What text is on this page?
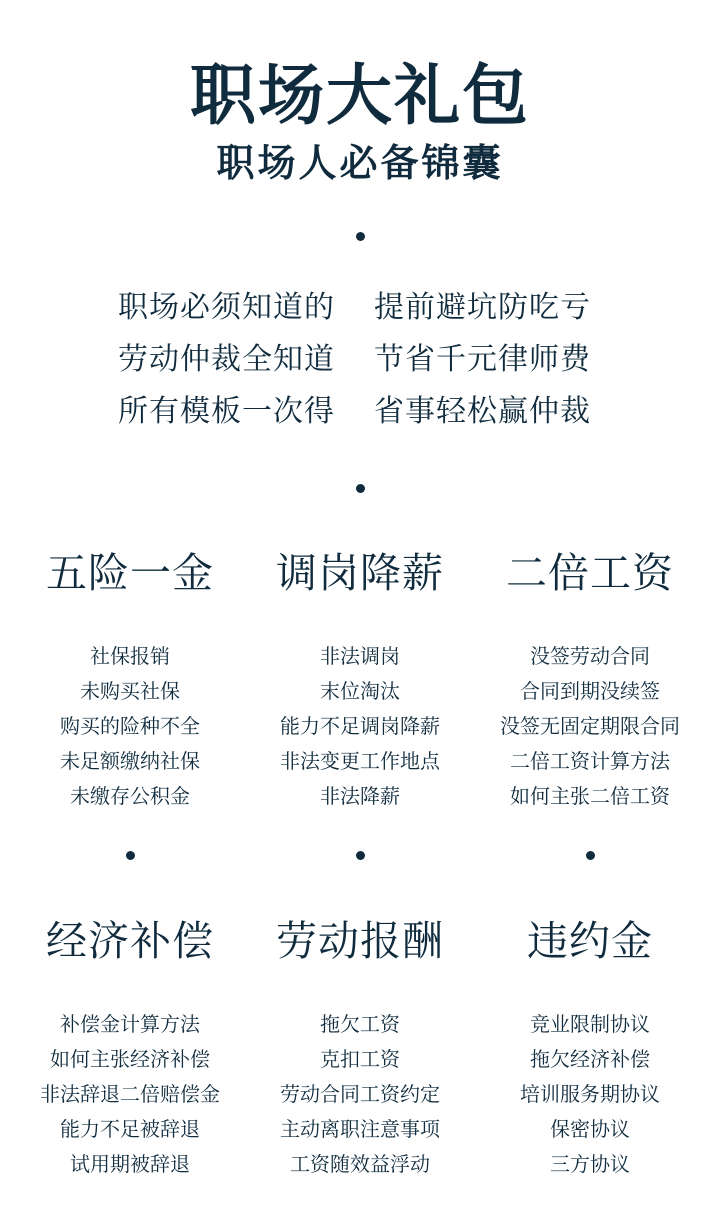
职场大礼包
职场人必备锦囊
职场必须知道的 提前避坑防吃亏
劳动仲裁全知道 节省千元律师费
所有模板一次得 省事轻松赢仲裁
五险一金
社保报销
未购买社保
购买的险种不全
未足额缴纳社保
未缴存公积金
调岗降薪
非法调岗
末位淘汰
能力不足调岗降薪
非法变更工作地点
非法降薪
二倍工资
没签劳动合同
合同到期没续签
没签无固定期限合同
二倍工资计算方法
如何主张二倍工资
经济补偿
补偿金计算方法
如何主张经济补偿
非法辞退二倍赔偿金
能力不足被辞退
试用期被辞退
劳动报酬
拖欠工资
克扣工资
劳动合同工资约定
主动离职注意事项
工资随效益浮动
违约金
竞业限制协议
拖欠经济补偿
培训服务期协议
保密协议
三方协议
